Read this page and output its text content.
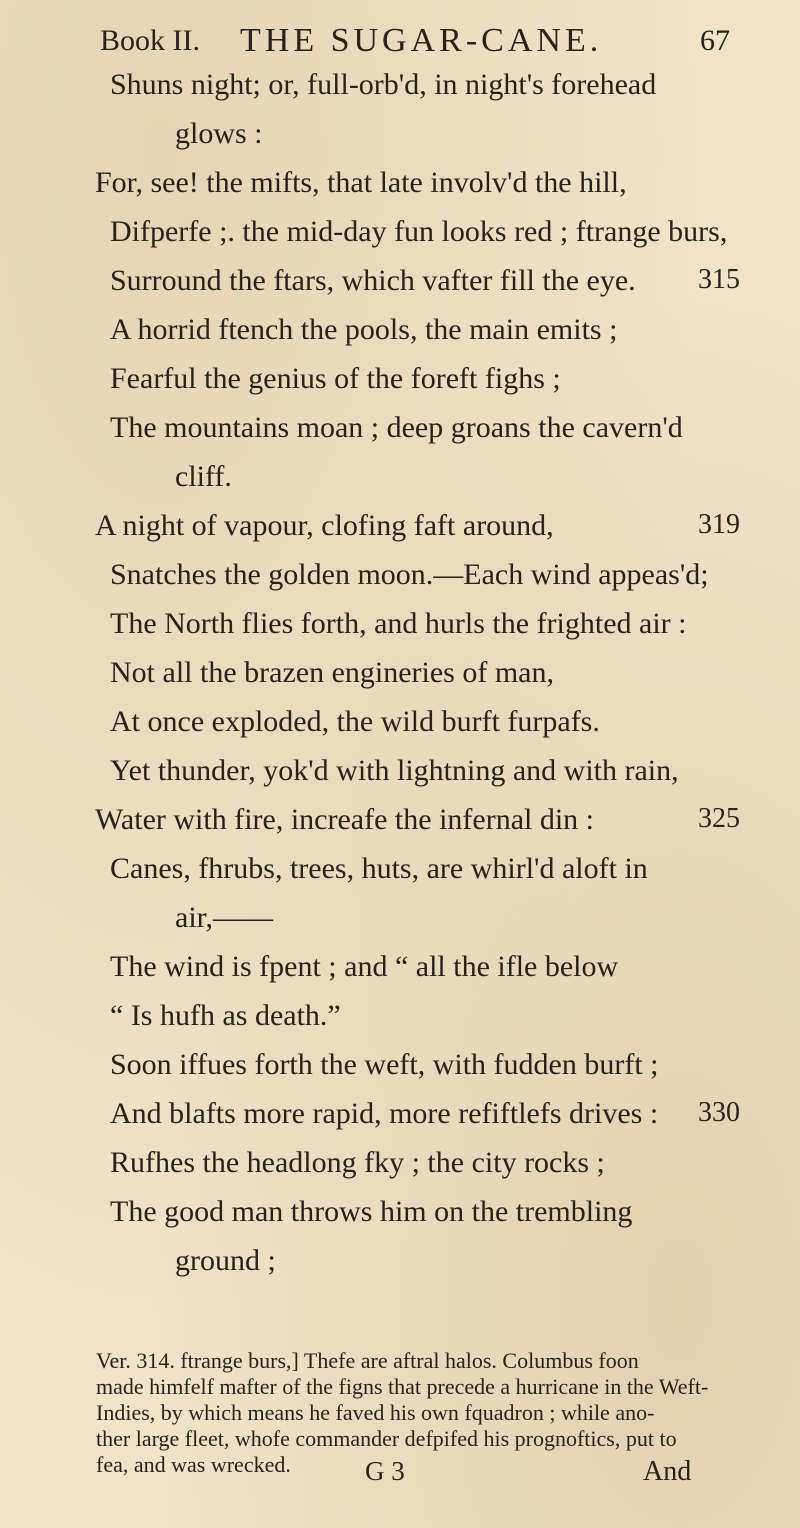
Book II. THE SUGAR-CANE.	67
Shuns night; or, full-orb'd, in night's forehead
glows :
For, see! the mifts, that late involv'd the hill,
Difperfe ;. the mid-day fun looks red ; ftrange burs,
Surround the ftars, which vafter fill the eye. 315
A horrid ftench the pools, the main emits ;
Fearful the genius of the foreft fighs ;
The mountains moan ; deep groans the cavern'd
cliff.
A night of vapour, clofing faft around,	319
Snatches the golden moon.—Each wind appeas'd;
The North flies forth, and hurls the frighted air :
Not all the brazen engineries of man,
At once exploded, the wild burft furpafs.
Yet thunder, yok'd with lightning and with rain,
Water with fire, increafe the infernal din :	325
Canes, fhrubs, trees, huts, are whirl'd aloft in
air,——
The wind is fpent ; and “ all the ifle below
“ Is hufh as death.”
Soon iffues forth the weft, with fudden burft ;
And blafts more rapid, more refiftlefs drives : 330
Rufhes the headlong fky ; the city rocks ;
The good man throws him on the trembling
ground ;
Ver. 314. ftrange burs,] Thefe are aftral halos. Columbus foon
made himfelf mafter of the figns that precede a hurricane in the Weft-
Indies, by which means he faved his own fquadron ; while ano-
ther large fleet, whofe commander defpifed his prognoftics, put to
fea, and was wrecked.	G 3	And
